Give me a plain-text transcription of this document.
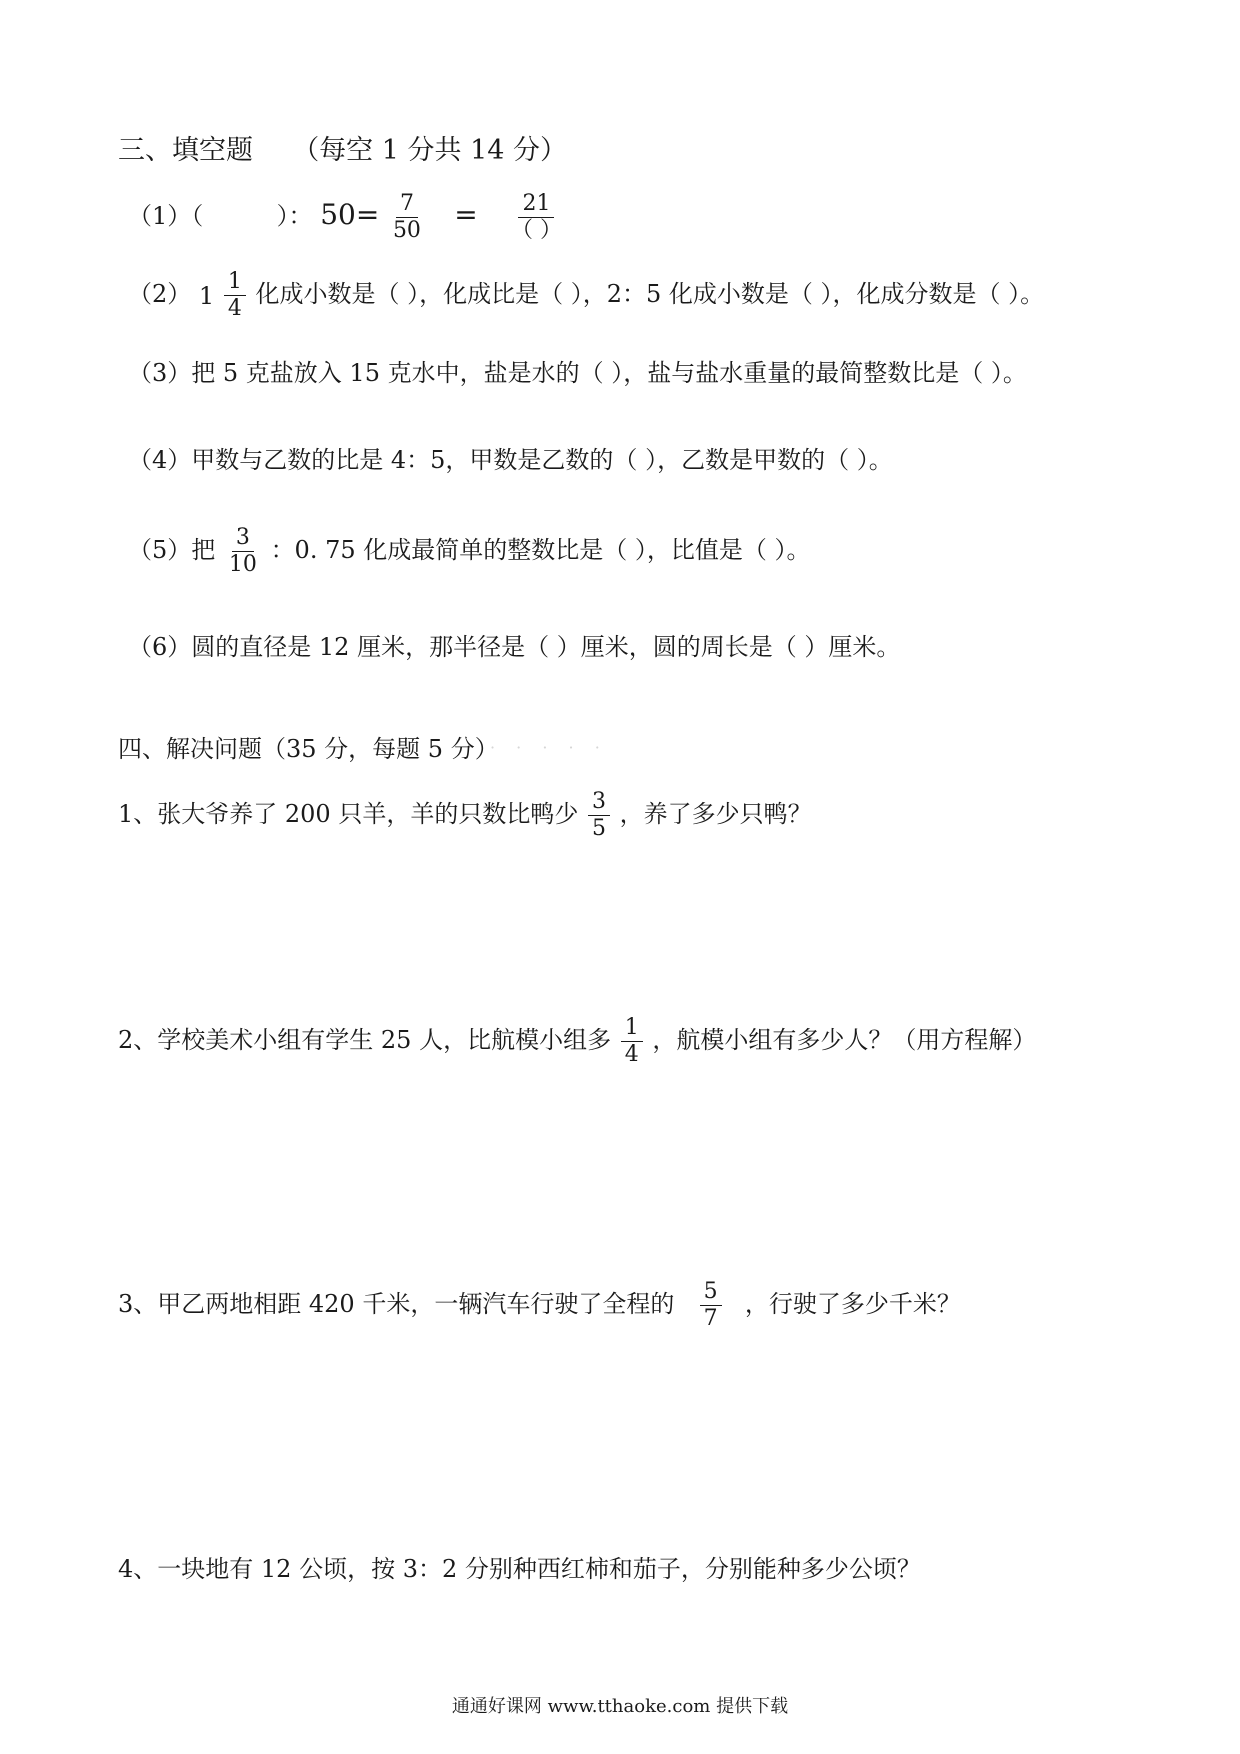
三、填空题 （每空 1 分共 14 分）
（1）（	）： $50= \frac{7}{50} = \frac{21}{( )}$
（2） $1 \frac{1}{4}$ 化成小数是（ ），化成比是（ ），2：5 化成小数是（ ），化成分数是（ ）。
（3）把 5 克盐放入 15 克水中，盐是水的（ ），盐与盐水重量的最简整数比是（ ）。
（4）甲数与乙数的比是 4：5，甲数是乙数的（ ），乙数是甲数的（ ）。
（5）把 $\frac{3}{10}$ ：0. 75 化成最简单的整数比是（ ），比值是（ ）。
（6）圆的直径是 12 厘米，那半径是（ ）厘米，圆的周长是（ ）厘米。
四、解决问题（35 分，每题 5 分）
· · · · ·
1、张大爷养了 200 只羊，羊的只数比鸭少 $\frac{3}{5}$ ，养了多少只鸭？
2、学校美术小组有学生 25 人，比航模小组多 $\frac{1}{4}$ ，航模小组有多少人？（用方程解）
3、甲乙两地相距 420 千米，一辆汽车行驶了全程的 $\frac{5}{7}$ ，行驶了多少千米？
4、一块地有 12 公顷，按 3：2 分别种西红柿和茄子，分别能种多少公顷？
通通好课网 www.tthaoke.com 提供下载
